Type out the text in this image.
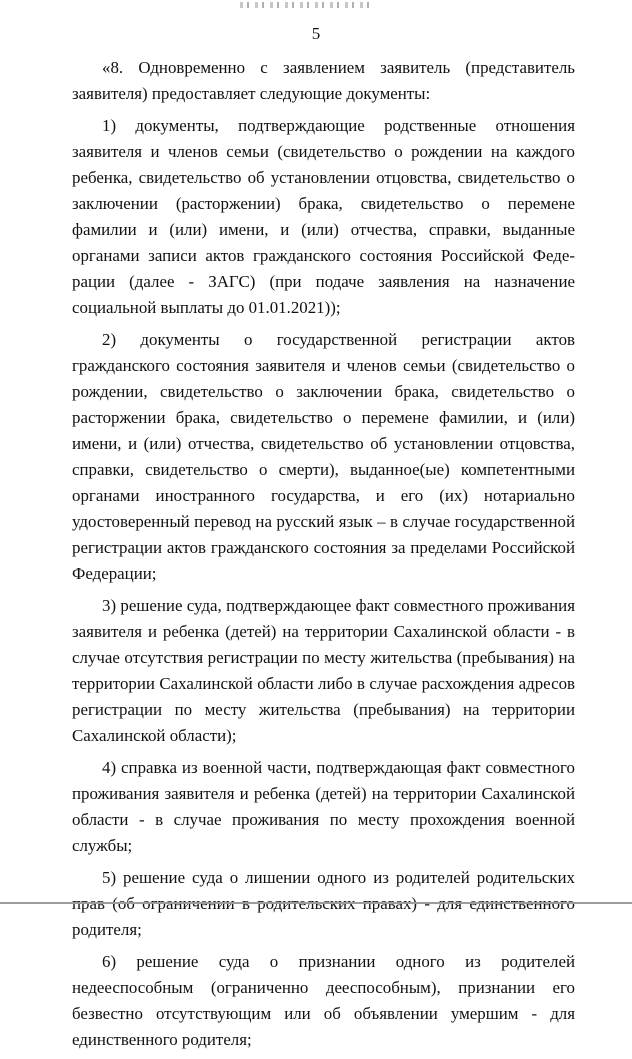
5

«8. Одновременно с заявлением заявитель (представитель заявителя) предоставляет следующие документы:

1) документы, подтверждающие родственные отношения заявителя и членов семьи (свидетельство о рождении на каждого ребенка, свидетельство об установлении отцовства, свидетельство о заключении (расторжении) брака, свидетельство о перемене фамилии и (или) имени, и (или) отчества, справки, выданные органами записи актов гражданского состояния Российской Федерации (далее - ЗАГС) (при подаче заявления на назначение социальной выплаты до 01.01.2021));

2) документы о государственной регистрации актов гражданского состояния заявителя и членов семьи (свидетельство о рождении, свидетельство о заключении брака, свидетельство о расторжении брака, свидетельство о перемене фамилии, и (или) имени, и (или) отчества, свидетельство об установлении отцовства, справки, свидетельство о смерти), выданное(ые) компетентными органами иностранного государства, и его (их) нотариально удостоверенный перевод на русский язык – в случае государственной регистрации актов гражданского состояния за пределами Российской Федерации;

3) решение суда, подтверждающее факт совместного проживания заявителя и ребенка (детей) на территории Сахалинской области - в случае отсутствия регистрации по месту жительства (пребывания) на территории Сахалинской области либо в случае расхождения адресов регистрации по месту жительства (пребывания) на территории Сахалинской области);

4) справка из военной части, подтверждающая факт совместного проживания заявителя и ребенка (детей) на территории Сахалинской области - в случае проживания по месту прохождения военной службы;

5) решение суда о лишении одного из родителей родительских родителя;

6) решение суда о признании одного из родителей недееспособным (ограниченно дееспособным), признании его безвестно отсутствующим или об объявлении умершим - для единственного родителя;
